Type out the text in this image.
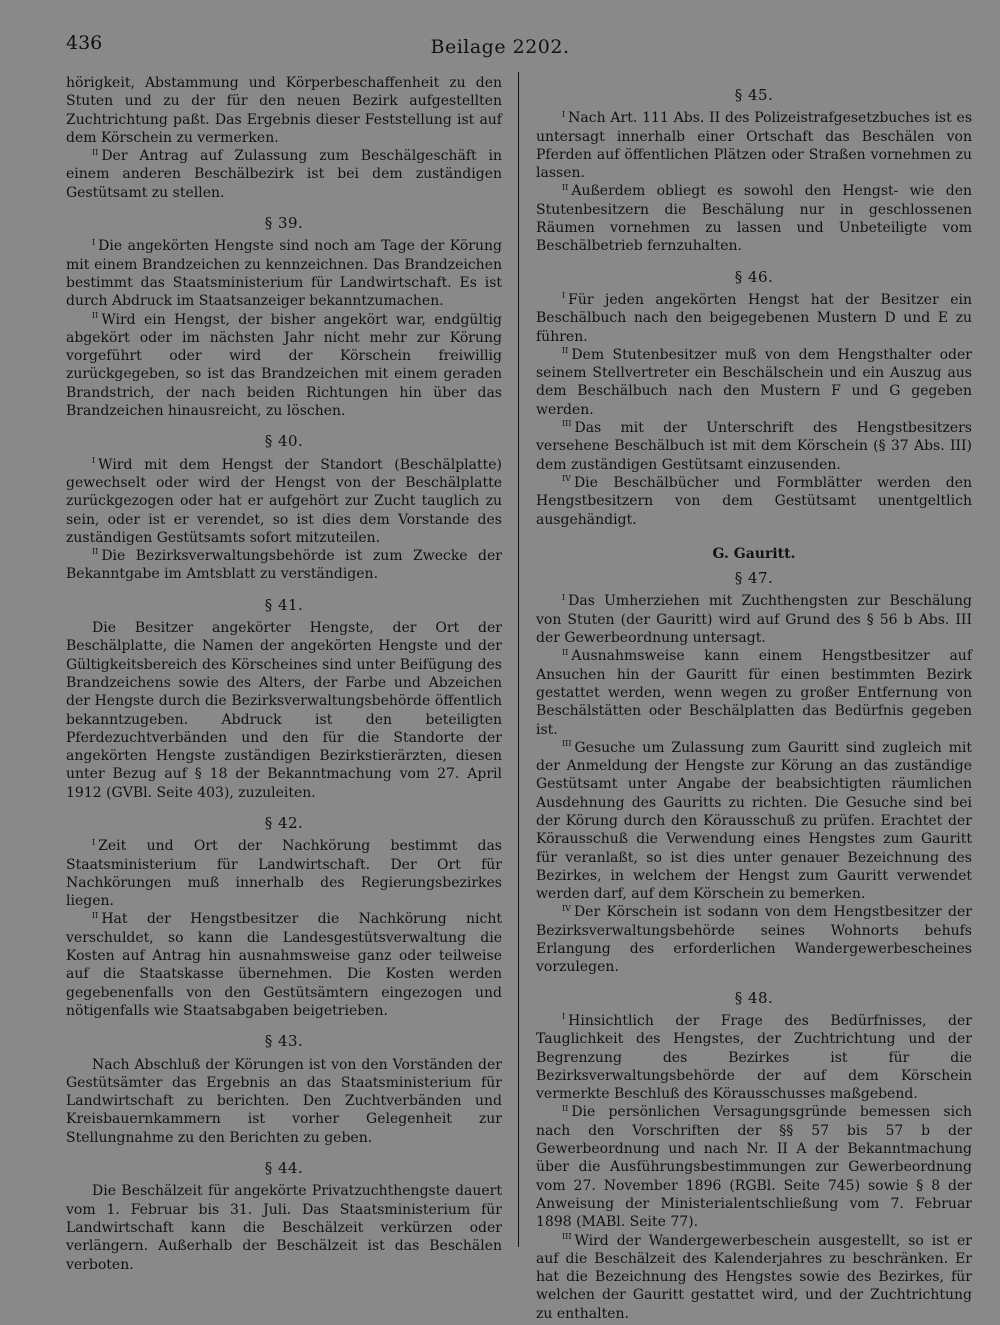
436	Beilage 2202.

hörigkeit, Abstammung und Körperbeschaffenheit zu den Stuten und zu der für den neuen Bezirk aufgestellten Zuchtrichtung paßt. Das Ergebnis dieser Feststellung ist auf dem Körschein zu vermerken.

$^{II}$ Der Antrag auf Zulassung zum Beschälgeschäft in einem anderen Beschälbezirk ist bei dem zuständigen Gestütsamt zu stellen.

§ 39.

$^I$ Die angekörten Hengste sind noch am Tage der Körung mit einem Brandzeichen zu kennzeichnen. Das Brandzeichen bestimmt das Staatsministerium für Landwirtschaft. Es ist durch Abdruck im Staatsanzeiger bekanntzumachen.

$^{II}$ Wird ein Hengst, der bisher angekört war, endgültig abgekört oder im nächsten Jahr nicht mehr zur Körung vorgeführt oder wird der Körschein freiwillig zurückgegeben, so ist das Brandzeichen mit einem geraden Brandstrich, der nach beiden Richtungen hin über das Brandzeichen hinausreicht, zu löschen.

§ 40.

$^I$ Wird mit dem Hengst der Standort (Beschälplatte) gewechselt oder wird der Hengst von der Beschälplatte zurückgezogen oder hat er aufgehört zur Zucht tauglich zu sein, oder ist er verendet, so ist dies dem Vorstande des zuständigen Gestütsamts sofort mitzuteilen.

$^{II}$ Die Bezirksverwaltungsbehörde ist zum Zwecke der Bekanntgabe im Amtsblatt zu verständigen.

§ 41.

Die Besitzer angekörter Hengste, der Ort der Beschälplatte, die Namen der angekörten Hengste und der Gültigkeitsbereich des Körscheines sind unter Beifügung des Brandzeichens sowie des Alters, der Farbe und Abzeichen der Hengste durch die Bezirksverwaltungsbehörde öffentlich bekanntzugeben. Abdruck ist den beteiligten Pferdezuchtverbänden und den für die Standorte der angekörten Hengste zuständigen Bezirkstierärzten, diesen unter Bezug auf § 18 der Bekanntmachung vom 27. April 1912 (GVBl. Seite 403), zuzuleiten.

§ 42.

$^I$ Zeit und Ort der Nachkörung bestimmt das Staatsministerium für Landwirtschaft. Der Ort für Nachkörungen muß innerhalb des Regierungsbezirkes liegen.

$^{II}$ Hat der Hengstbesitzer die Nachkörung nicht verschuldet, so kann die Landesgestütsverwaltung die Kosten auf Antrag hin ausnahmsweise ganz oder teilweise auf die Staatskasse übernehmen. Die Kosten werden gegebenenfalls von den Gestütsämtern eingezogen und nötigenfalls wie Staatsabgaben beigetrieben.

§ 43.

Nach Abschluß der Körungen ist von den Vorständen der Gestütsämter das Ergebnis an das Staatsministerium für Landwirtschaft zu berichten. Den Zuchtverbänden und Kreisbauernkammern ist vorher Gelegenheit zur Stellungnahme zu den Berichten zu geben.

§ 44.

Die Beschälzeit für angekörte Privatzuchthengste dauert vom 1. Februar bis 31. Juli. Das Staatsministerium für Landwirtschaft kann die Beschälzeit verkürzen oder verlängern. Außerhalb der Beschälzeit ist das Beschälen verboten.

§ 45.

$^I$ Nach Art. 111 Abs. II des Polizeistrafgesetzbuches ist es untersagt innerhalb einer Ortschaft das Beschälen von Pferden auf öffentlichen Plätzen oder Straßen vornehmen zu lassen.

$^{II}$ Außerdem obliegt es sowohl den Hengst- wie den Stutenbesitzern die Beschälung nur in geschlossenen Räumen vornehmen zu lassen und Unbeteiligte vom Beschälbetrieb fernzuhalten.

§ 46.

$^I$ Für jeden angekörten Hengst hat der Besitzer ein Beschälbuch nach den beigegebenen Mustern D und E zu führen.

$^{II}$ Dem Stutenbesitzer muß von dem Hengsthalter oder seinem Stellvertreter ein Beschälschein und ein Auszug aus dem Beschälbuch nach den Mustern F und G gegeben werden.

$^{III}$ Das mit der Unterschrift des Hengstbesitzers versehene Beschälbuch ist mit dem Körschein (§ 37 Abs. III) dem zuständigen Gestütsamt einzusenden.

$^{IV}$ Die Beschälbücher und Formblätter werden den Hengstbesitzern von dem Gestütsamt unentgeltlich ausgehändigt.

G. Gauritt.
§ 47.

$^I$ Das Umherziehen mit Zuchthengsten zur Beschälung von Stuten (der Gauritt) wird auf Grund des § 56 b Abs. III der Gewerbeordnung untersagt.

$^{II}$ Ausnahmsweise kann einem Hengstbesitzer auf Ansuchen hin der Gauritt für einen bestimmten Bezirk gestattet werden, wenn wegen zu großer Entfernung von Beschälstätten oder Beschälplatten das Bedürfnis gegeben ist.

$^{III}$ Gesuche um Zulassung zum Gauritt sind zugleich mit der Anmeldung der Hengste zur Körung an das zuständige Gestütsamt unter Angabe der beabsichtigten räumlichen Ausdehnung des Gauritts zu richten. Die Gesuche sind bei der Körung durch den Körausschuß zu prüfen. Erachtet der Körausschuß die Verwendung eines Hengstes zum Gauritt für veranlaßt, so ist dies unter genauer Bezeichnung des Bezirkes, in welchem der Hengst zum Gauritt verwendet werden darf, auf dem Körschein zu bemerken.

$^{IV}$ Der Körschein ist sodann von dem Hengstbesitzer der Bezirksverwaltungsbehörde seines Wohnorts behufs Erlangung des erforderlichen Wandergewerbescheines vorzulegen.

§ 48.

$^I$ Hinsichtlich der Frage des Bedürfnisses, der Tauglichkeit des Hengstes, der Zuchtrichtung und der Begrenzung des Bezirkes ist für die Bezirksverwaltungsbehörde der auf dem Körschein vermerkte Beschluß des Körausschusses maßgebend.

$^{II}$ Die persönlichen Versagungsgründe bemessen sich nach den Vorschriften der §§ 57 bis 57 b der Gewerbeordnung und nach Nr. II A der Bekanntmachung über die Ausführungsbestimmungen zur Gewerbeordnung vom 27. November 1896 (RGBl. Seite 745) sowie § 8 der Anweisung der Ministerialentschließung vom 7. Februar 1898 (MABl. Seite 77).

$^{III}$ Wird der Wandergewerbeschein ausgestellt, so ist er auf die Beschälzeit des Kalenderjahres zu beschränken. Er hat die Bezeichnung des Hengstes sowie des Bezirkes, für welchen der Gauritt gestattet wird, und der Zuchtrichtung zu enthalten.
